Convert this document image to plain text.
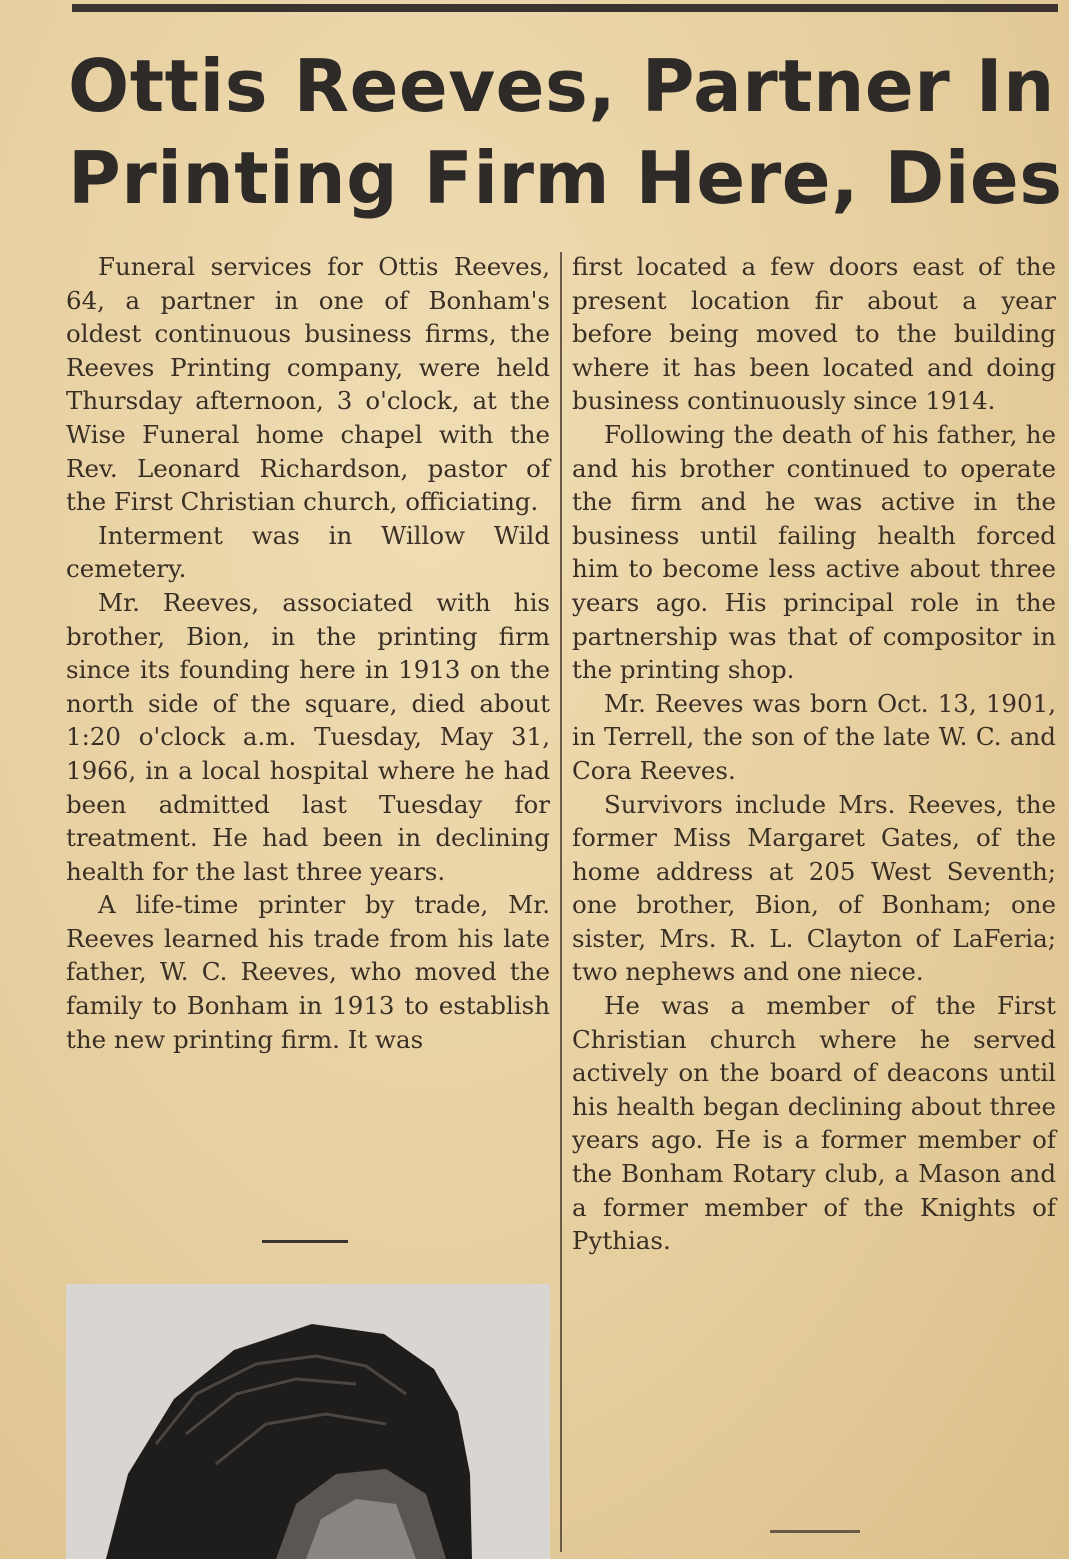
Ottis Reeves, Partner In
Printing Firm Here, Dies

Funeral services for Ottis Reeves, 64, a partner in one of Bonham's oldest continuous business firms, the Reeves Printing company, were held Thursday afternoon, 3 o'clock, at the Wise Funeral home chapel with the Rev. Leonard Richardson, pastor of the First Christian church, officiating.

Interment was in Willow Wild cemetery.

Mr. Reeves, associated with his brother, Bion, in the printing firm since its founding here in 1913 on the north side of the square, died about 1:20 o'clock a.m. Tuesday, May 31, 1966, in a local hospital where he had been admitted last Tuesday for treatment. He had been in declining health for the last three years.

A life-time printer by trade, Mr. Reeves learned his trade from his late father, W. C. Reeves, who moved the family to Bonham in 1913 to establish the new printing firm. It was

first located a few doors east of the present location fir about a year before being moved to the building where it has been located and doing business continuously since 1914.

Following the death of his father, he and his brother continued to operate the firm and he was active in the business until failing health forced him to become less active about three years ago. His principal role in the partnership was that of compositor in the printing shop.

Mr. Reeves was born Oct. 13, 1901, in Terrell, the son of the late W. C. and Cora Reeves.

Survivors include Mrs. Reeves, the former Miss Margaret Gates, of the home address at 205 West Seventh; one brother, Bion, of Bonham; one sister, Mrs. R. L. Clayton of LaFeria; two nephews and one niece.

He was a member of the First Christian church where he served actively on the board of deacons until his health began declining about three years ago. He is a former member of the Bonham Rotary club, a Mason and a former member of the Knights of Pythias.
